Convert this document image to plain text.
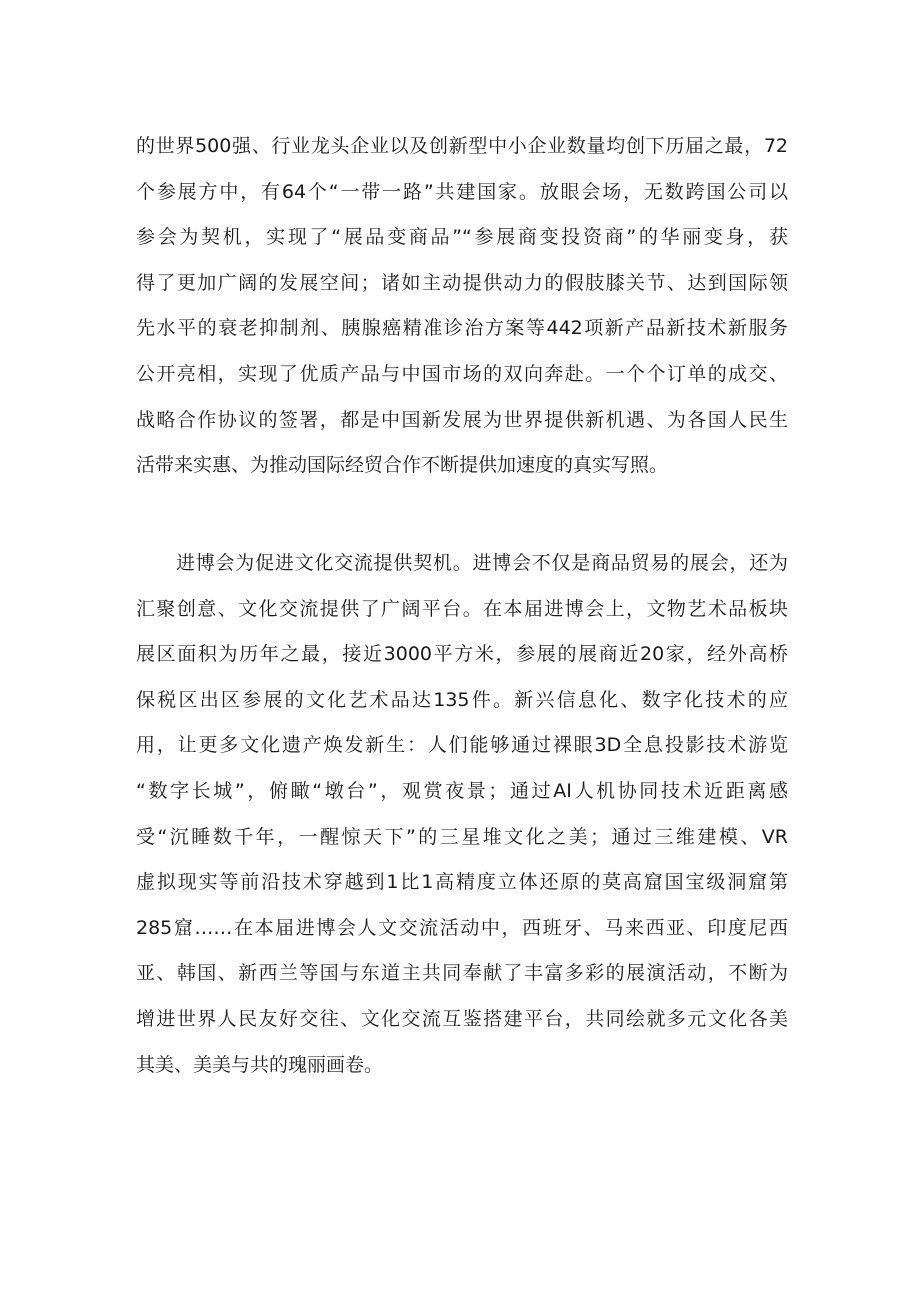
的世界500强、行业龙头企业以及创新型中小企业数量均创下历届之最，72
个参展方中，有64个“一带一路”共建国家。放眼会场，无数跨国公司以
参会为契机，实现了“展品变商品”“参展商变投资商”的华丽变身，获
得了更加广阔的发展空间；诸如主动提供动力的假肢膝关节、达到国际领
先水平的衰老抑制剂、胰腺癌精准诊治方案等442项新产品新技术新服务
公开亮相，实现了优质产品与中国市场的双向奔赴。一个个订单的成交、
战略合作协议的签署，都是中国新发展为世界提供新机遇、为各国人民生
活带来实惠、为推动国际经贸合作不断提供加速度的真实写照。
进博会为促进文化交流提供契机。进博会不仅是商品贸易的展会，还为
汇聚创意、文化交流提供了广阔平台。在本届进博会上，文物艺术品板块
展区面积为历年之最，接近3000平方米，参展的展商近20家，经外高桥
保税区出区参展的文化艺术品达135件。新兴信息化、数字化技术的应
用，让更多文化遗产焕发新生：人们能够通过裸眼3D全息投影技术游览
“数字长城”，俯瞰“墩台”，观赏夜景；通过AI人机协同技术近距离感
受“沉睡数千年，一醒惊天下”的三星堆文化之美；通过三维建模、VR
虚拟现实等前沿技术穿越到1比1高精度立体还原的莫高窟国宝级洞窟第
285窟……在本届进博会人文交流活动中，西班牙、马来西亚、印度尼西
亚、韩国、新西兰等国与东道主共同奉献了丰富多彩的展演活动，不断为
增进世界人民友好交往、文化交流互鉴搭建平台，共同绘就多元文化各美
其美、美美与共的瑰丽画卷。
